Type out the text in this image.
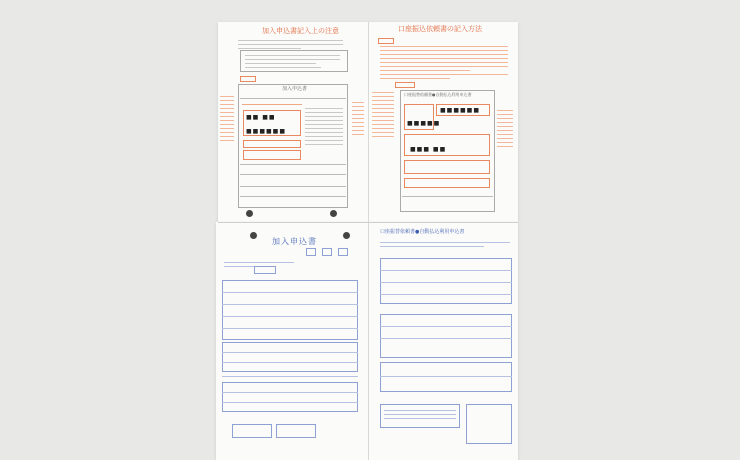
加入申込書記入上の注意
加入申込書
■■ ■■
■■■■■■
口座振込依頼書の記入方法
口座振替依頼書●自動払込利用申込書
■■■■■■
■■■■■
■■■ ■■
加入申込書
口座振替依頼書●自動払込利用申込書
